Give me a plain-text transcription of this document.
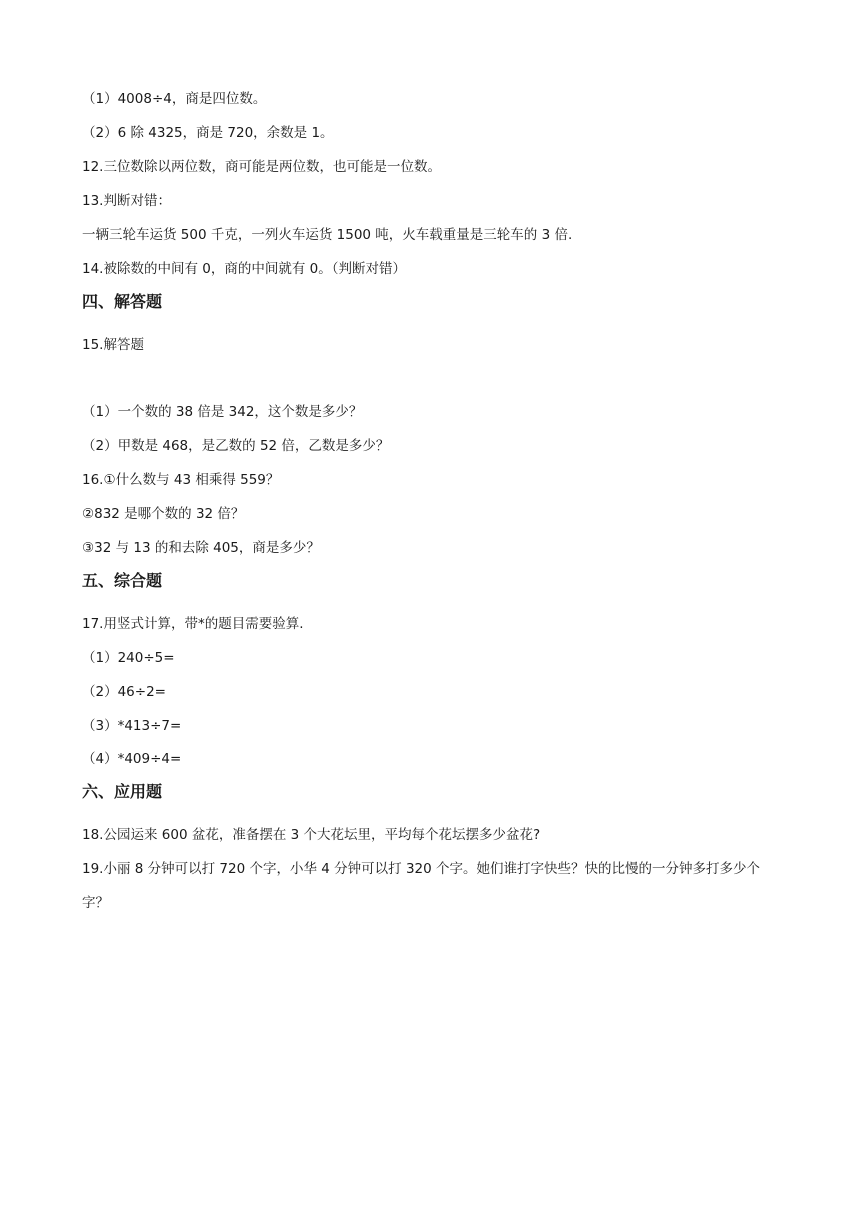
（1）4008÷4，商是四位数。
（2）6 除 4325，商是 720，余数是 1。
12.三位数除以两位数，商可能是两位数，也可能是一位数。
13.判断对错：
一辆三轮车运货 500 千克，一列火车运货 1500 吨，火车载重量是三轮车的 3 倍.
14.被除数的中间有 0，商的中间就有 0。（判断对错）
四、解答题
15.解答题
（1）一个数的 38 倍是 342，这个数是多少？
（2）甲数是 468，是乙数的 52 倍，乙数是多少？
16.①什么数与 43 相乘得 559？
②832 是哪个数的 32 倍？
③32 与 13 的和去除 405，商是多少？
五、综合题
17.用竖式计算，带*的题目需要验算.
（1）240÷5=
（2）46÷2=
（3）*413÷7=
（4）*409÷4=
六、应用题
18.公园运来 600 盆花，准备摆在 3 个大花坛里，平均每个花坛摆多少盆花?
19.小丽 8 分钟可以打 720 个字，小华 4 分钟可以打 320 个字。她们谁打字快些？快的比慢的一分钟多打多少个字？
